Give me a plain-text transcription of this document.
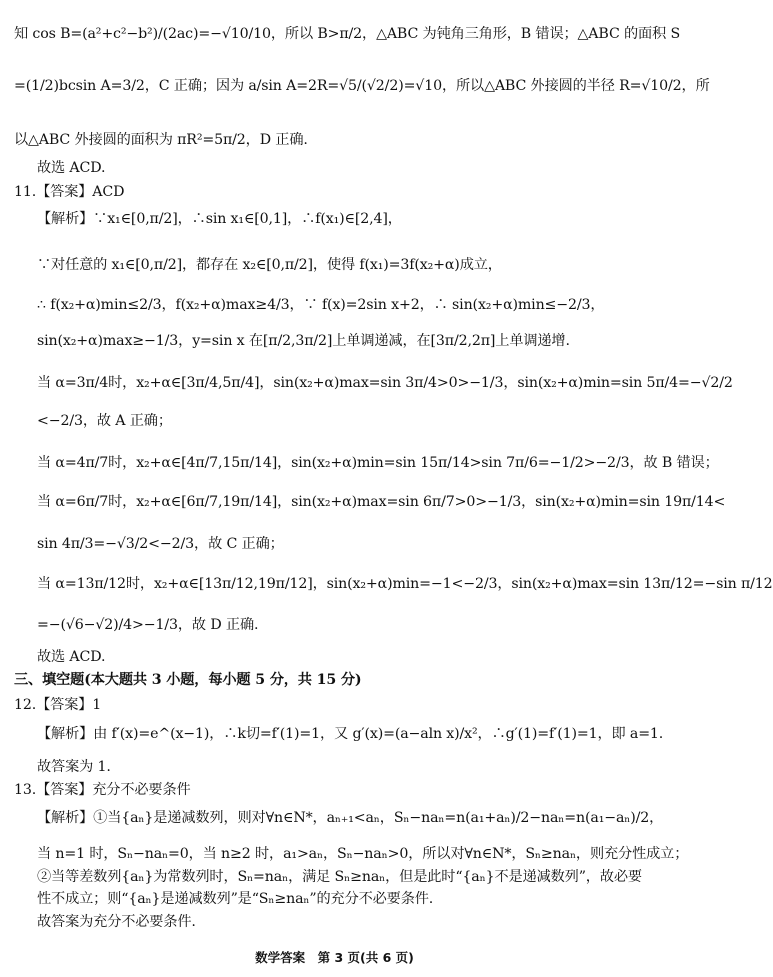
数学答案　第 3 页(共 6 页)
知 cos B=(a²+c²−b²)/(2ac)=−√10/10，所以 B>π/2，△ABC 为钝角三角形，B 错误；△ABC 的面积 S
=(1/2)bcsin A=3/2，C 正确；因为 a/sin A=2R=√5/(√2/2)=√10，所以△ABC 外接圆的半径 R=√10/2，所
以△ABC 外接圆的面积为 πR²=5π/2，D 正确.
故选 ACD.
11.【答案】ACD
【解析】∵x₁∈[0,π/2]，∴sin x₁∈[0,1]，∴f(x₁)∈[2,4]，
∵对任意的 x₁∈[0,π/2]，都存在 x₂∈[0,π/2]，使得 f(x₁)=3f(x₂+α)成立，
∴ f(x₂+α)min≤2/3，f(x₂+α)max≥4/3，∵ f(x)=2sin x+2，∴ sin(x₂+α)min≤−2/3，
sin(x₂+α)max≥−1/3，y=sin x 在[π/2,3π/2]上单调递减，在[3π/2,2π]上单调递增.
当 α=3π/4时，x₂+α∈[3π/4,5π/4]，sin(x₂+α)max=sin 3π/4>0>−1/3，sin(x₂+α)min=sin 5π/4=−√2/2
<−2/3，故 A 正确；
当 α=4π/7时，x₂+α∈[4π/7,15π/14]，sin(x₂+α)min=sin 15π/14>sin 7π/6=−1/2>−2/3，故 B 错误；
当 α=6π/7时，x₂+α∈[6π/7,19π/14]，sin(x₂+α)max=sin 6π/7>0>−1/3，sin(x₂+α)min=sin 19π/14<
sin 4π/3=−√3/2<−2/3，故 C 正确；
当 α=13π/12时，x₂+α∈[13π/12,19π/12]，sin(x₂+α)min=−1<−2/3，sin(x₂+α)max=sin 13π/12=−sin π/12
=−(√6−√2)/4>−1/3，故 D 正确.
故选 ACD.
三、填空题(本大题共 3 小题，每小题 5 分，共 15 分)
12.【答案】1
【解析】由 f′(x)=e^(x−1)，∴k切=f′(1)=1，又 g′(x)=(a−aln x)/x²，∴g′(1)=f′(1)=1，即 a=1.
故答案为 1.
13.【答案】充分不必要条件
【解析】①当{aₙ}是递减数列，则对∀n∈N*，aₙ₊₁<aₙ，Sₙ−naₙ=n(a₁+aₙ)/2−naₙ=n(a₁−aₙ)/2，
当 n=1 时，Sₙ−naₙ=0，当 n≥2 时，a₁>aₙ，Sₙ−naₙ>0，所以对∀n∈N*，Sₙ≥naₙ，则充分性成立；
②当等差数列{aₙ}为常数列时，Sₙ=naₙ，满足 Sₙ≥naₙ，但是此时“{aₙ}不是递减数列”，故必要
性不成立；则“{aₙ}是递减数列”是“Sₙ≥naₙ”的充分不必要条件.
故答案为充分不必要条件.
